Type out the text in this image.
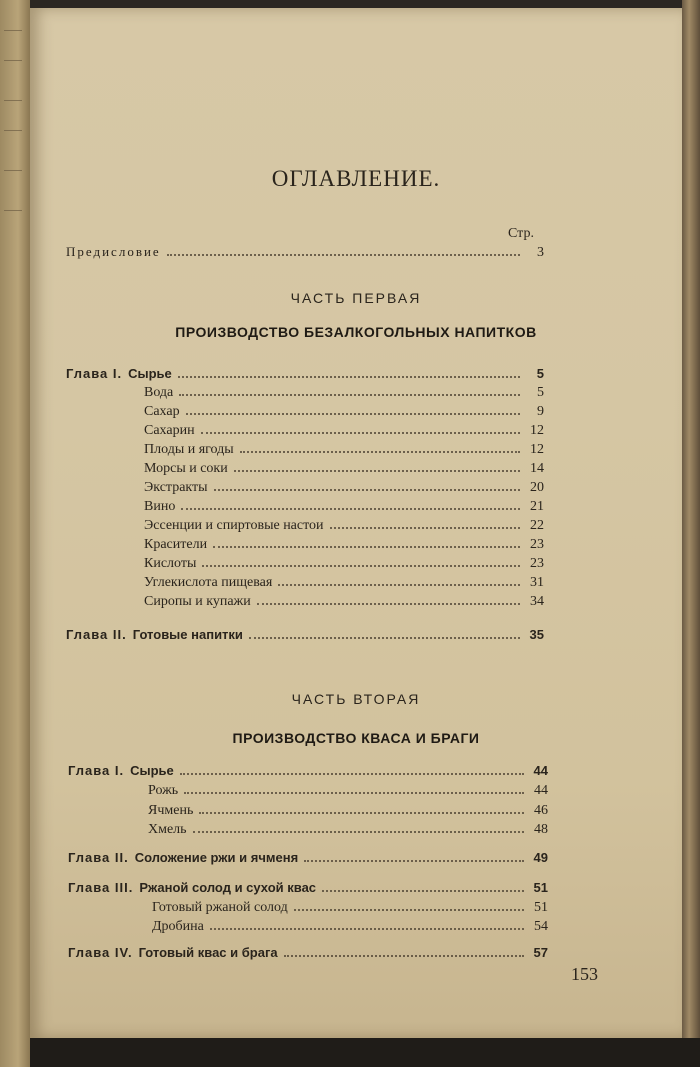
ОГЛАВЛЕНИЕ.
Стр.
Предисловие	3
ЧАСТЬ ПЕРВАЯ
ПРОИЗВОДСТВО БЕЗАЛКОГОЛЬНЫХ НАПИТКОВ
Глава I. Сырье	5
Вода	5
Сахар	9
Сахарин	12
Плоды и ягоды	12
Морсы и соки	14
Экстракты	20
Вино	21
Эссенции и спиртовые настои	22
Красители	23
Кислоты	23
Углекислота пищевая	31
Сиропы и купажи	34
Глава II. Готовые напитки	35
ЧАСТЬ ВТОРАЯ
ПРОИЗВОДСТВО КВАСА И БРАГИ
Глава I. Сырье	44
Рожь	44
Ячмень	46
Хмель	48
Глава II. Соложение ржи и ячменя	49
Глава III. Ржаной солод и сухой квас	51
Готовый ржаной солод	51
Дробина	54
Глава IV. Готовый квас и брага	57
153
